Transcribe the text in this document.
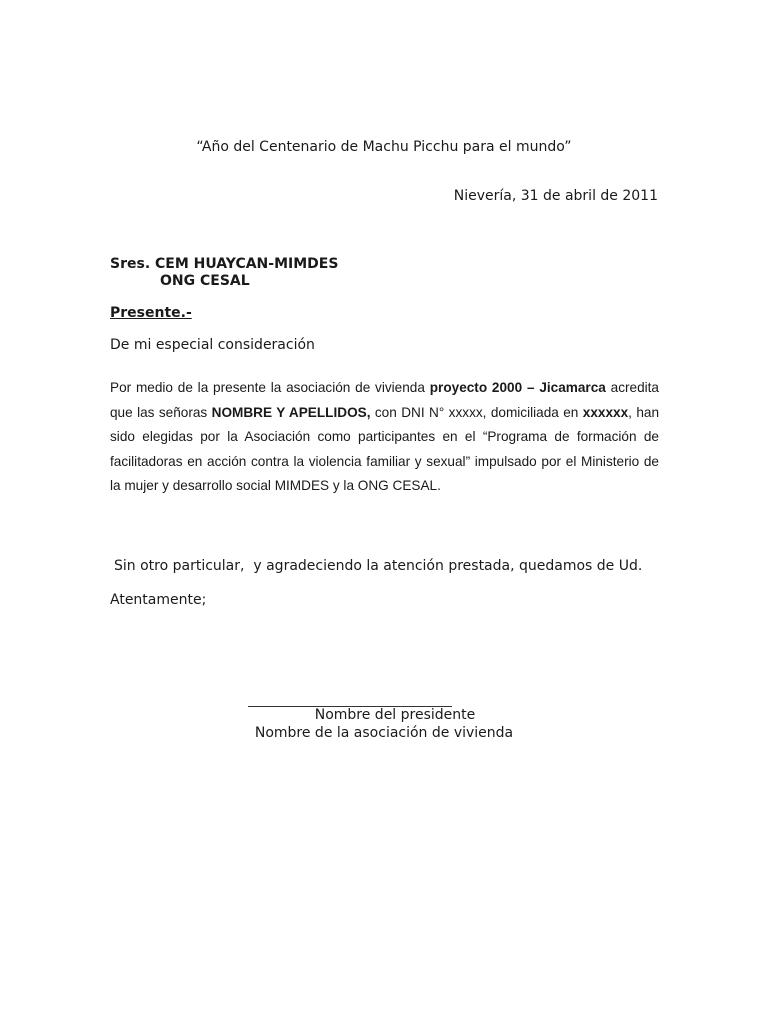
“Año del Centenario de Machu Picchu para el mundo”
Nievería, 31 de abril de 2011
Sres. CEM HUAYCAN-MIMDES
ONG CESAL
Presente.-
De mi especial consideración
Por medio de la presente la asociación de vivienda proyecto 2000 – Jicamarca acredita que las señoras NOMBRE Y APELLIDOS, con DNI N° xxxxx, domiciliada en xxxxxx, han sido elegidas por la Asociación como participantes en el “Programa de formación de facilitadoras en acción contra la violencia familiar y sexual” impulsado por el Ministerio de la mujer y desarrollo social MIMDES y la ONG CESAL.
Sin otro particular,  y agradeciendo la atención prestada, quedamos de Ud.
Atentamente;
Nombre del presidente
Nombre de la asociación de vivienda
